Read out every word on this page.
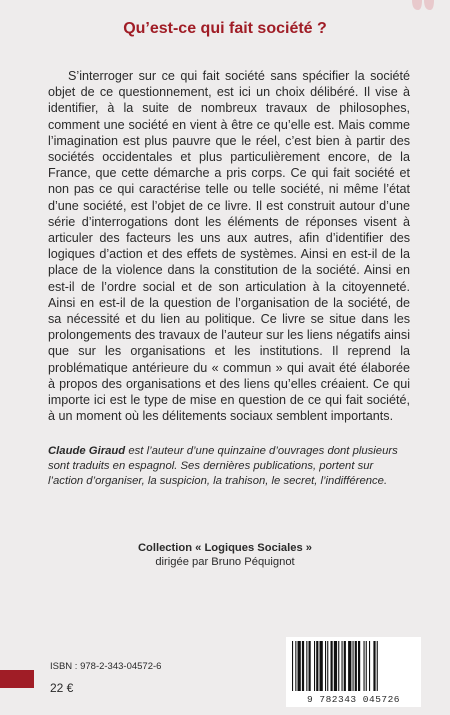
Qu’est-ce qui fait société ?

S’interroger sur ce qui fait société sans spécifier la société objet de ce questionnement, est ici un choix délibéré. Il vise à identifier, à la suite de nombreux travaux de philosophes, comment une société en vient à être ce qu’elle est. Mais comme l’imagination est plus pauvre que le réel, c’est bien à partir des sociétés occidentales et plus particulièrement encore, de la France, que cette démarche a pris corps. Ce qui fait société et non pas ce qui caractérise telle ou telle société, ni même l’état d’une société, est l’objet de ce livre. Il est construit autour d’une série d’interrogations dont les éléments de réponses visent à articuler des facteurs les uns aux autres, afin d’identifier des logiques d’action et des effets de systèmes. Ainsi en est-il de la place de la violence dans la constitution de la société. Ainsi en est-il de l’ordre social et de son articulation à la citoyenneté. Ainsi en est-il de la question de l’organisation de la société, de sa nécessité et du lien au politique. Ce livre se situe dans les prolongements des travaux de l’auteur sur les liens négatifs ainsi que sur les organisations et les institutions. Il reprend la problématique antérieure du « commun » qui avait été élaborée à propos des organisations et des liens qu’elles créaient. Ce qui importe ici est le type de mise en question de ce qui fait société, à un moment où les délitements sociaux semblent importants.

Claude Giraud est l’auteur d’une quinzaine d’ouvrages dont plusieurs sont traduits en espagnol. Ses dernières publications, portent sur l’action d’organiser, la suspicion, la trahison, le secret, l’indifférence.

Collection « Logiques Sociales »
dirigée par Bruno Péquignot
ISBN : 978-2-343-04572-6
22 €
9 782343 045726
